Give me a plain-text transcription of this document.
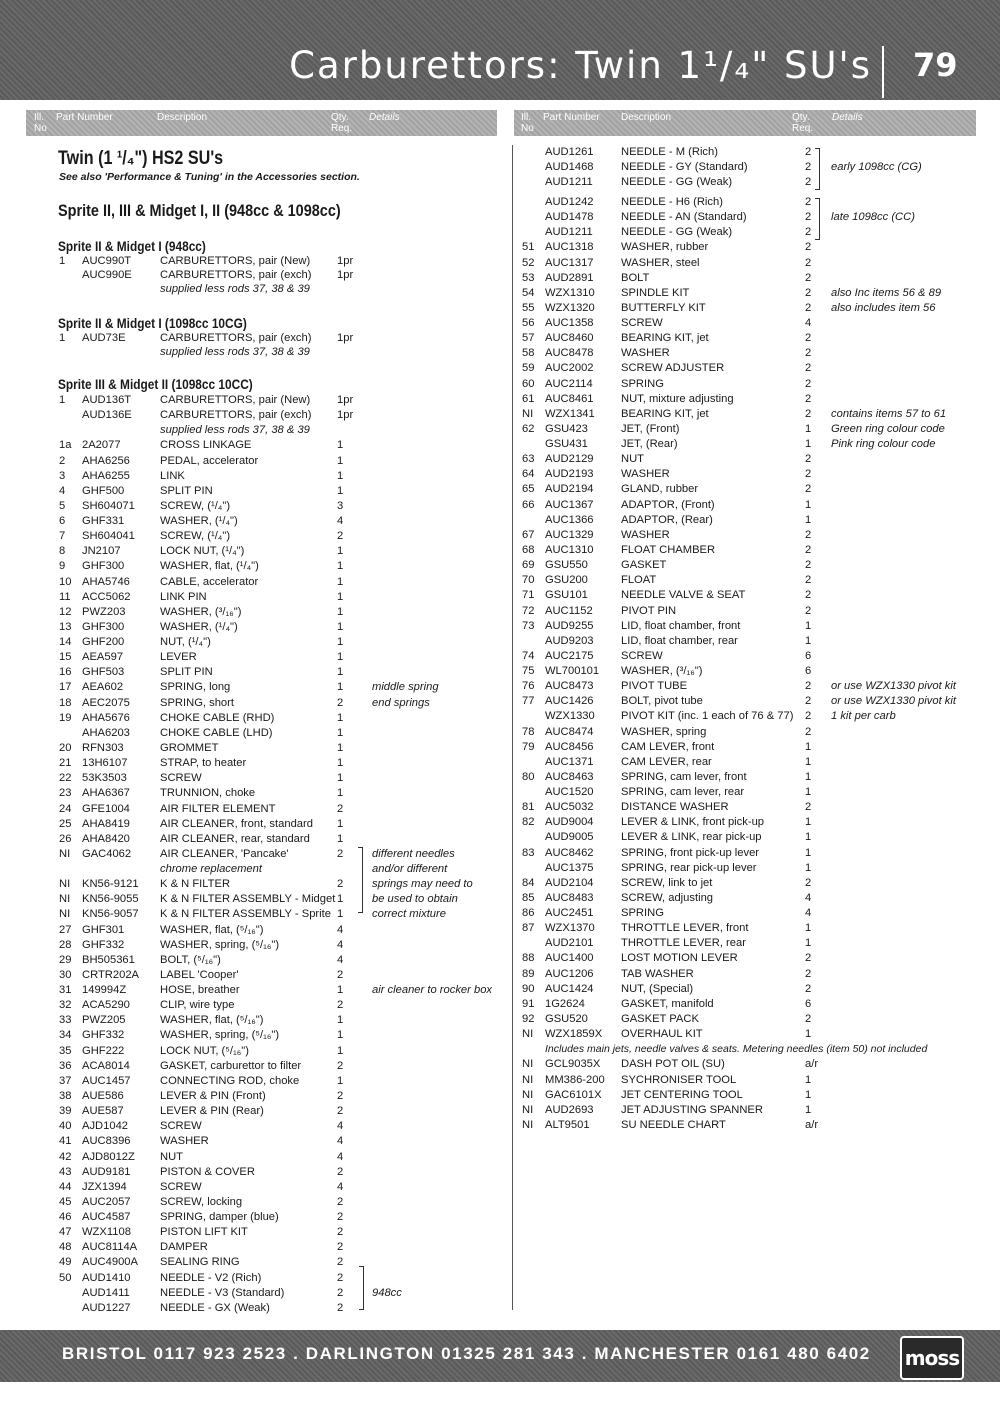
Carburettors: Twin 1¹/₄" SU's 79
Ill.
No
Part Number	Description	Qty.
Req.
Details	Ill.
No
Part Number Description	Qty.
Req.
Details
Twin (1 ¹/₄") HS2 SU's
See also 'Performance & Tuning' in the Accessories section.
Sprite II, III & Midget I, II (948cc & 1098cc)
Sprite II & Midget I (948cc)
Sprite II & Midget I (1098cc 10CG)
Sprite III & Midget II (1098cc 10CC)
1 AUC990T	CARBURETTORS, pair (New) 1pr
AUC990E	CARBURETTORS, pair (exch) 1pr
supplied less rods 37, 38 & 39
1 AUD73E	CARBURETTORS, pair (exch) 1pr
supplied less rods 37, 38 & 39
1 AUD136T	CARBURETTORS, pair (New) 1pr
AUD136E	CARBURETTORS, pair (exch) 1pr
supplied less rods 37, 38 & 39
1a 2A2077	CROSS LINKAGE	1
2 AHA6256	PEDAL, accelerator	1
3 AHA6255	LINK	1
4 GHF500	SPLIT PIN	1
5 SH604071 SCREW, (¹/₄")	3
6 GHF331	WASHER, (¹/₄")	4
7 SH604041 SCREW, (¹/₄")	2
8 JN2107	LOCK NUT, (¹/₄")	1
9 GHF300	WASHER, flat, (¹/₄")	1
10 AHA5746	CABLE, accelerator	1
11 ACC5062	LINK PIN	1
12 PWZ203	WASHER, (³/₁₆")	1
13 GHF300	WASHER, (¹/₄")	1
14 GHF200	NUT, (¹/₄")	1
15 AEA597	LEVER	1
16 GHF503	SPLIT PIN	1
17 AEA602	SPRING, long	1	middle spring
18 AEC2075	SPRING, short	2	end springs
19 AHA5676	CHOKE CABLE (RHD)	1
AHA6203	CHOKE CABLE (LHD)	1
20 RFN303	GROMMET	1
21 13H6107	STRAP, to heater	1
22 53K3503	SCREW	1
23 AHA6367	TRUNNION, choke	1
24 GFE1004	AIR FILTER ELEMENT	2
25 AHA8419	AIR CLEANER, front, standard 1
26 AHA8420	AIR CLEANER, rear, standard 1
NI GAC4062	AIR CLEANER, 'Pancake'	2	different needles
chrome replacement	and/or different
NI KN56-9121 K & N FILTER	2	springs may need to
NI KN56-9055 K & N FILTER ASSEMBLY - Midget 1	be used to obtain
NI KN56-9057 K & N FILTER ASSEMBLY - Sprite 1	correct mixture
27 GHF301	WASHER, flat, (⁵/₁₆")	4
28 GHF332	WASHER, spring, (⁵/₁₆")	4
29 BH505361 BOLT, (⁵/₁₆")	4
30 CRTR202A LABEL 'Cooper'	2
31 149994Z	HOSE, breather	1	air cleaner to rocker box
32 ACA5290	CLIP, wire type	2
33 PWZ205	WASHER, flat, (⁵/₁₆")	1
34 GHF332	WASHER, spring, (⁵/₁₆")	1
35 GHF222	LOCK NUT, (⁵/₁₆")	1
36 ACA8014	GASKET, carburettor to filter	2
37 AUC1457	CONNECTING ROD, choke	1
38 AUE586	LEVER & PIN (Front)	2
39 AUE587	LEVER & PIN (Rear)	2
40 AJD1042	SCREW	4
41 AUC8396	WASHER	4
42 AJD8012Z NUT	4
43 AUD9181	PISTON & COVER	2
44 JZX1394	SCREW	4
45 AUC2057	SCREW, locking	2
46 AUC4587	SPRING, damper (blue)	2
47 WZX1108	PISTON LIFT KIT	2
48 AUC8114A DAMPER	2
49 AUC4900A SEALING RING	2
50 AUD1410	NEEDLE - V2 (Rich)	2
AUD1411	NEEDLE - V3 (Standard)	2	948cc
AUD1227	NEEDLE - GX (Weak)	2
AUD1261 NEEDLE - M (Rich)	2
AUD1468 NEEDLE - GY (Standard)	2 early 1098cc (CG)
AUD1211	NEEDLE - GG (Weak)	2
AUD1242 NEEDLE - H6 (Rich)	2
AUD1478 NEEDLE - AN (Standard)	2 late 1098cc (CC)
AUD1211	NEEDLE - GG (Weak)	2
51 AUC1318 WASHER, rubber	2
52 AUC1317 WASHER, steel	2
53 AUD2891 BOLT	2
54 WZX1310 SPINDLE KIT	2 also Inc items 56 & 89
55 WZX1320 BUTTERFLY KIT	2 also includes item 56
56 AUC1358 SCREW	4
57 AUC8460 BEARING KIT, jet	2
58 AUC8478 WASHER	2
59 AUC2002 SCREW ADJUSTER	2
60 AUC2114	SPRING	2
61 AUC8461 NUT, mixture adjusting	2
NI WZX1341 BEARING KIT, jet	2 contains items 57 to 61
62 GSU423	JET, (Front)	1 Green ring colour code
GSU431	JET, (Rear)	1 Pink ring colour code
63 AUD2129 NUT	2
64 AUD2193 WASHER	2
65 AUD2194 GLAND, rubber	2
66 AUC1367 ADAPTOR, (Front)	1
AUC1366 ADAPTOR, (Rear)	1
67 AUC1329 WASHER	2
68 AUC1310 FLOAT CHAMBER	2
69 GSU550	GASKET	2
70 GSU200	FLOAT	2
71 GSU101	NEEDLE VALVE & SEAT	2
72 AUC1152	PIVOT PIN	2
73 AUD9255 LID, float chamber, front	1
AUD9203 LID, float chamber, rear	1
74 AUC2175 SCREW	6
75 WL700101 WASHER, (³/₁₆")	6
76 AUC8473 PIVOT TUBE	2 or use WZX1330 pivot kit
77 AUC1426 BOLT, pivot tube	2 or use WZX1330 pivot kit
WZX1330 PIVOT KIT (inc. 1 each of 76 & 77) 2 1 kit per carb
78 AUC8474 WASHER, spring	2
79 AUC8456 CAM LEVER, front	1
AUC1371 CAM LEVER, rear	1
80 AUC8463 SPRING, cam lever, front	1
AUC1520 SPRING, cam lever, rear	1
81 AUC5032 DISTANCE WASHER	2
82 AUD9004 LEVER & LINK, front pick-up	1
AUD9005 LEVER & LINK, rear pick-up	1
83 AUC8462 SPRING, front pick-up lever	1
AUC1375 SPRING, rear pick-up lever	1
84 AUD2104 SCREW, link to jet	2
85 AUC8483 SCREW, adjusting	4
86 AUC2451 SPRING	4
87 WZX1370 THROTTLE LEVER, front	1
AUD2101 THROTTLE LEVER, rear	1
88 AUC1400 LOST MOTION LEVER	2
89 AUC1206 TAB WASHER	2
90 AUC1424 NUT, (Special)	2
91 1G2624	GASKET, manifold	6
92 GSU520	GASKET PACK	2
NI WZX1859X OVERHAUL KIT	1
Includes main jets, needle valves & seats. Metering needles (item 50) not included
NI GCL9035X DASH POT OIL (SU)	a/r
NI MM386-200 SYCHRONISER TOOL	1
NI GAC6101X JET CENTERING TOOL	1
NI AUD2693 JET ADJUSTING SPANNER	1
NI ALT9501	SU NEEDLE CHART	a/r
BRISTOL 0117 923 2523 . DARLINGTON 01325 281 343 . MANCHESTER 0161 480 6402 moss
